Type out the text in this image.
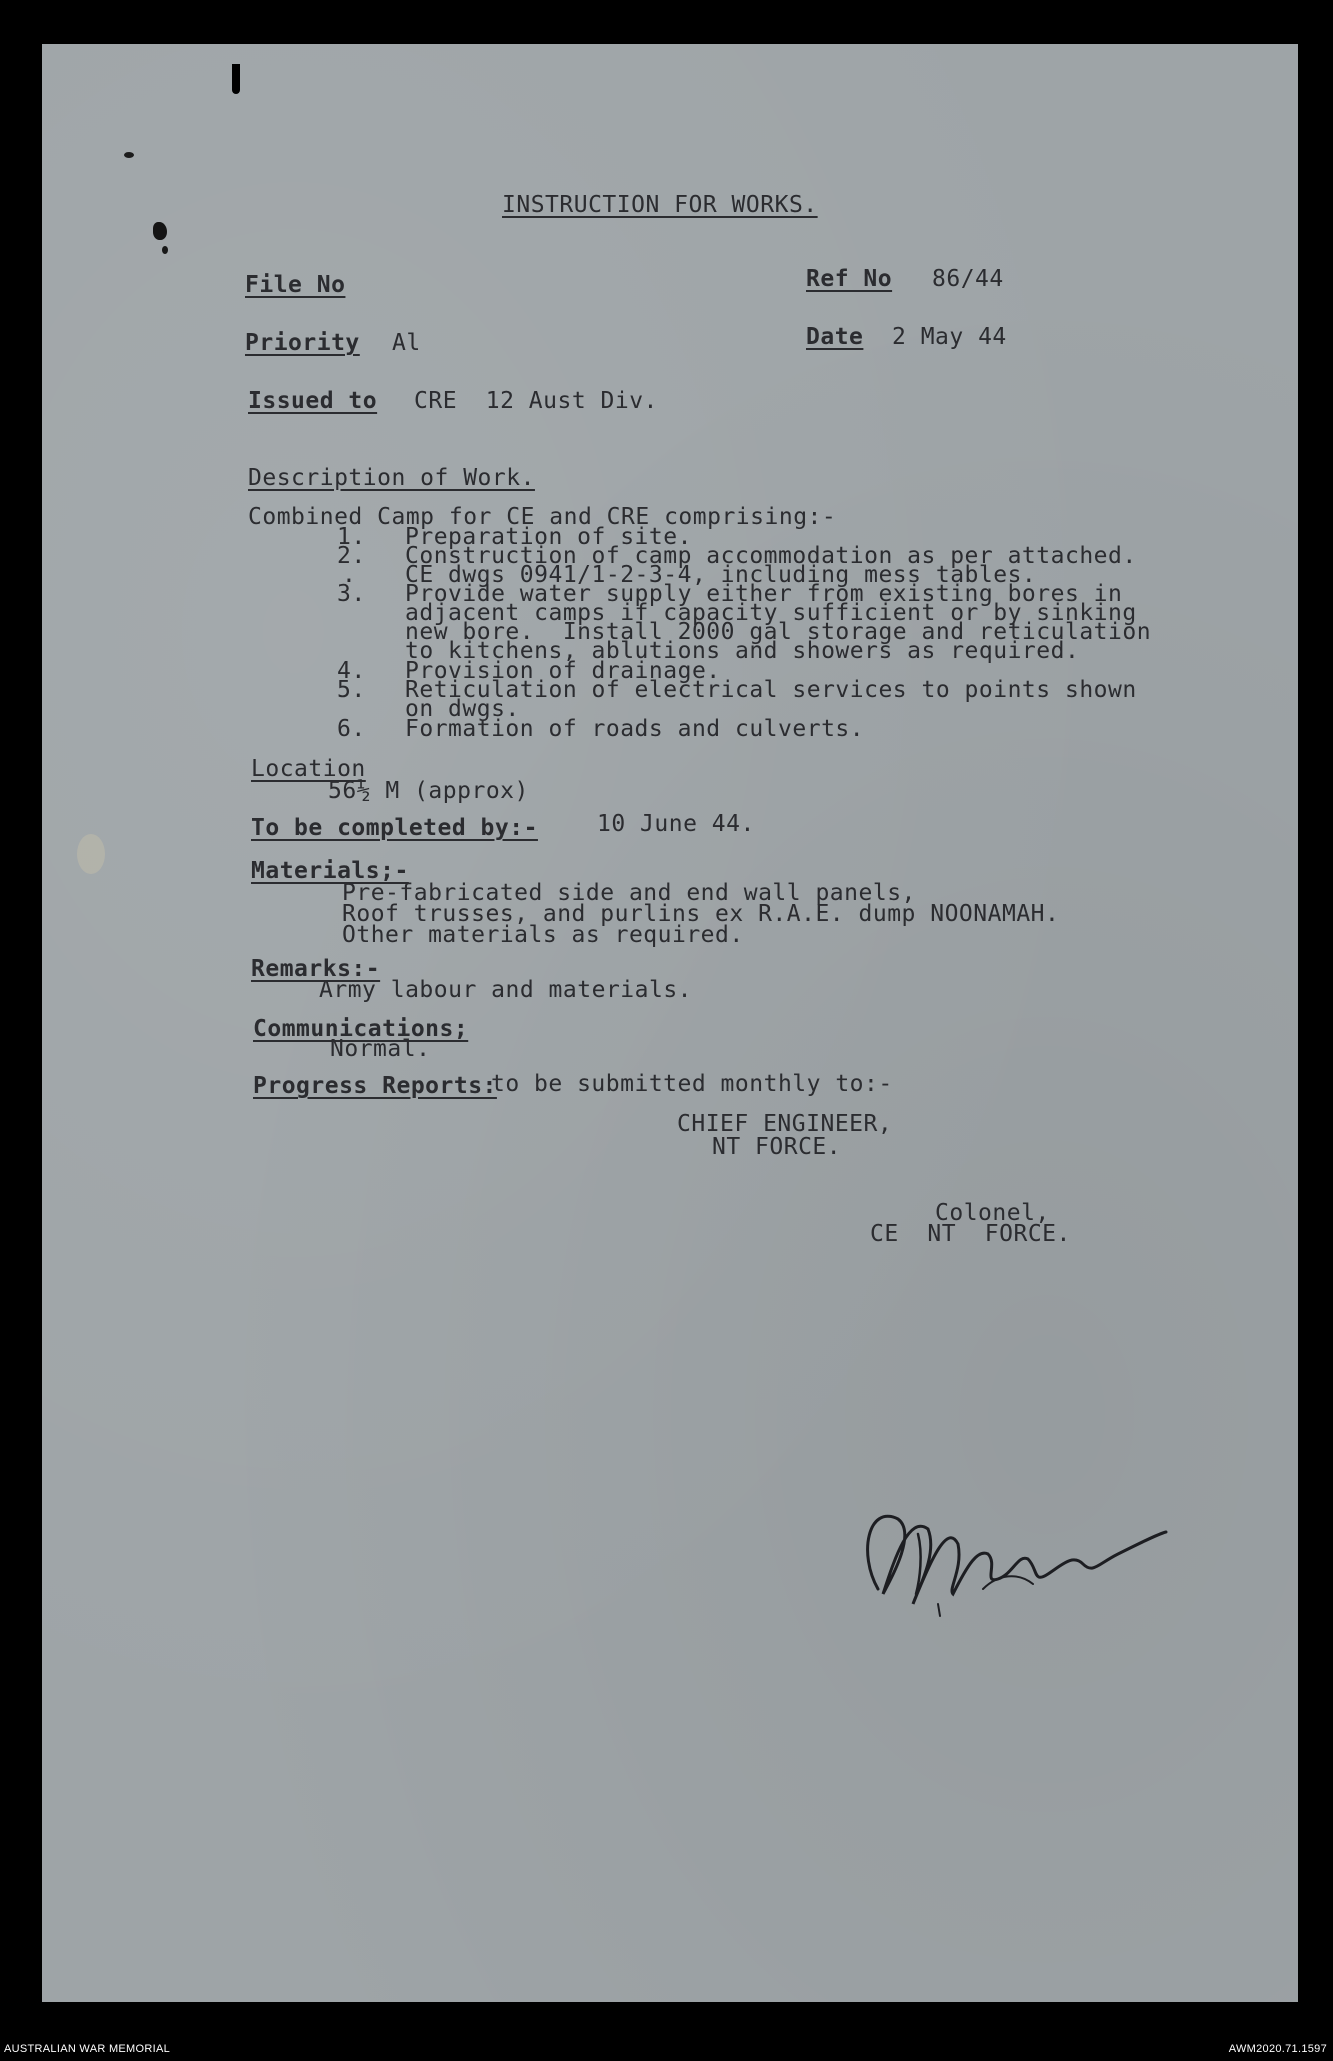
INSTRUCTION FOR WORKS.
File No	Ref No 86/44
Priority Al	Date 2 May 44
Issued to CRE  12 Aust Div.
Description of Work.
Combined Camp for CE and CRE comprising:-
1. Preparation of site.
2. Construction of camp accommodation as per attached.
. CE dwgs 0941/1-2-3-4, including mess tables.
3. Provide water supply either from existing bores in
adjacent camps if capacity sufficient or by sinking
new bore.  Install 2000 gal storage and reticulation
to kitchens, ablutions and showers as required.
4. Provision of drainage.
5. Reticulation of electrical services to points shown
on dwgs.
6. Formation of roads and culverts.
Location
56½ M (approx)
To be completed by:-	10 June 44.
Materials;-
Pre-fabricated side and end wall panels,
Roof trusses, and purlins ex R.A.E. dump NOONAMAH.
Other materials as required.
Remarks:-
Army labour and materials.
Communications;
Normal.
Progress Reports:
to be submitted monthly to:-
CHIEF ENGINEER,
NT FORCE.
Colonel,
CE  NT  FORCE.
AUSTRALIAN WAR MEMORIAL	AWM2020.71.1597
